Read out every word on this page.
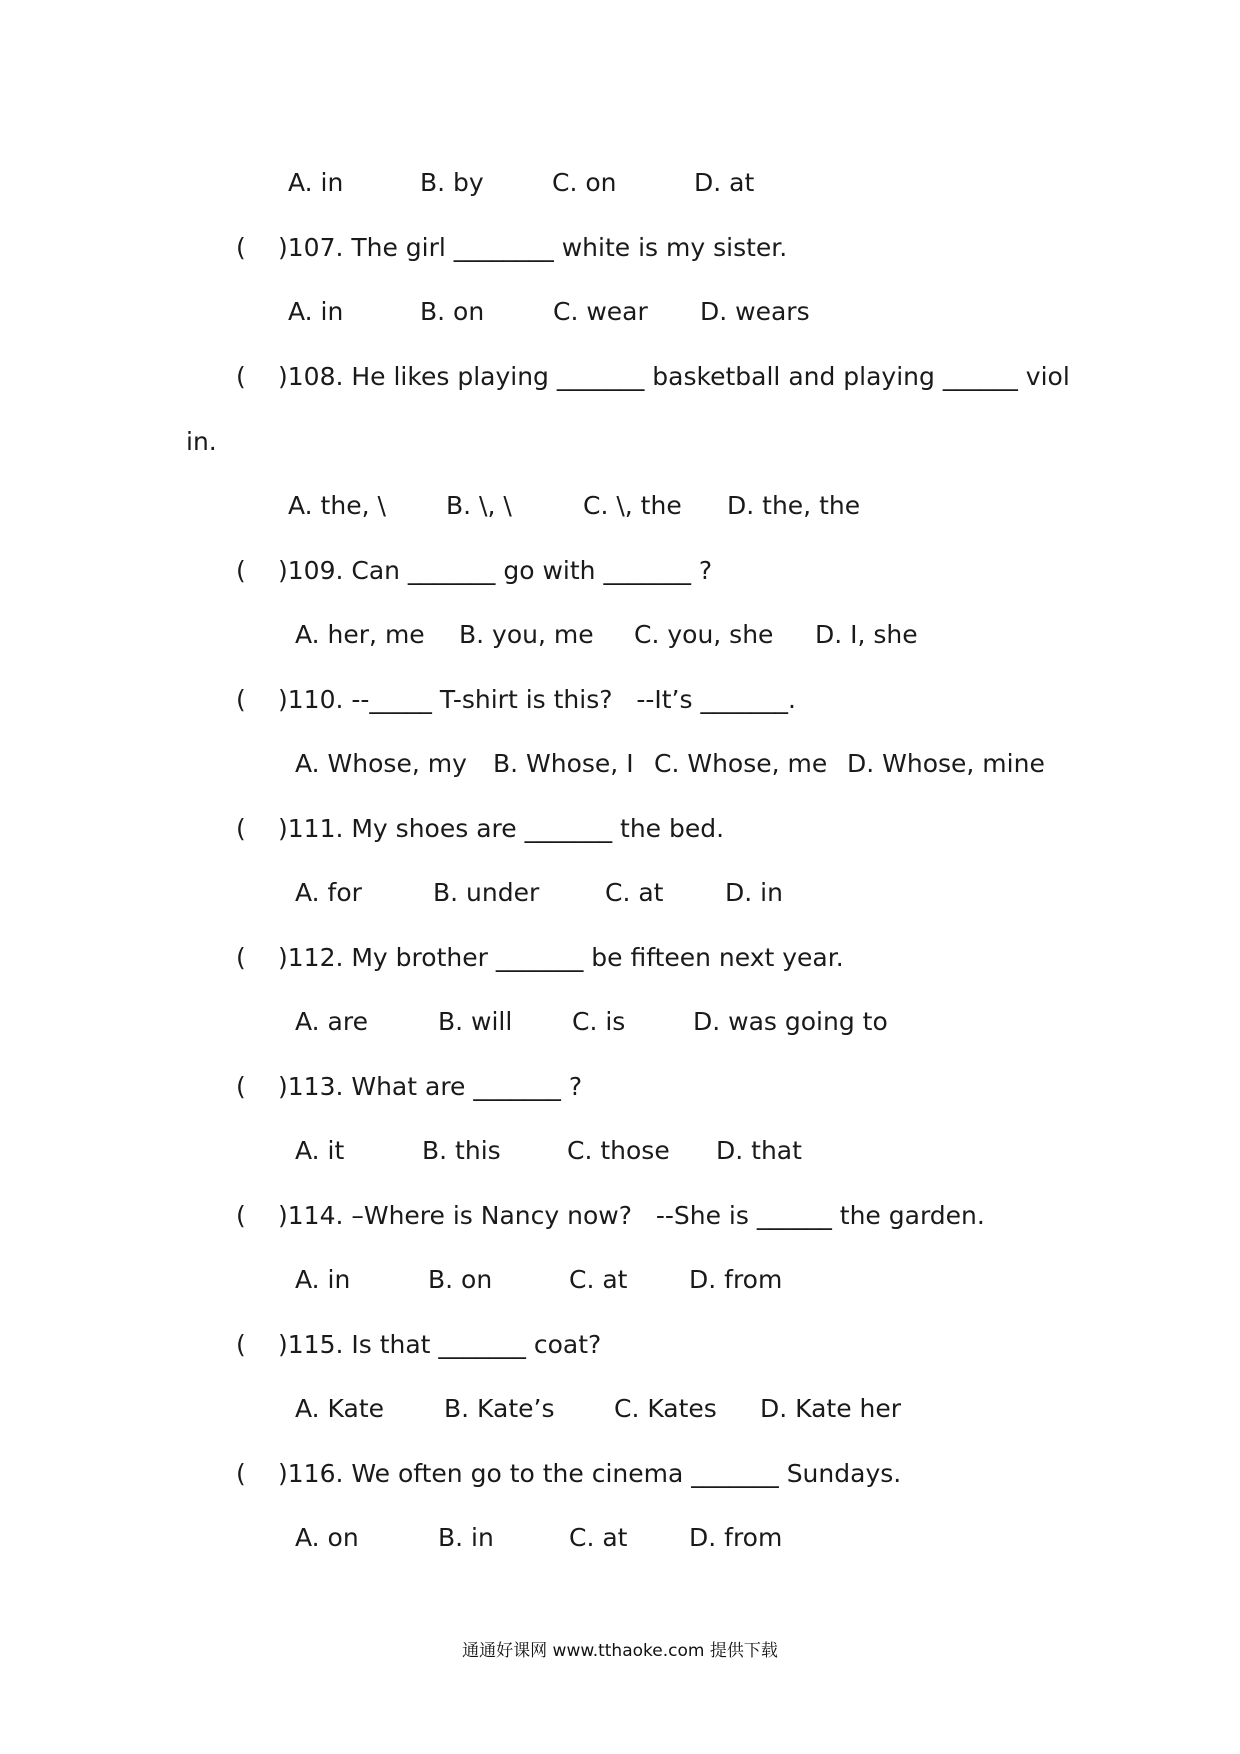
A. in	B. by	C. on	D. at
( )107. The girl ________ white is my sister.
A. in	B. on	C. wear D. wears
( )108. He likes playing _______ basketball and playing ______ viol
in.
A. the, \ B. \, \	C. \, the D. the, the
( )109. Can _______ go with _______ ?
A. her, me B. you, me C. you, she D. I, she
( )110. --_____ T-shirt is this?   --It’s _______.
A. Whose, my B. Whose, I C. Whose, me D. Whose, mine
( )111. My shoes are _______ the bed.
A. for	B. under	C. at D. in
( )112. My brother _______ be fifteen next year.
A. are	B. will C. is	D. was going to
( )113. What are _______ ?
A. it	B. this	C. those D. that
( )114. –Where is Nancy now?   --She is ______ the garden.
A. in	B. on	C. at D. from
( )115. Is that _______ coat?
A. Kate B. Kate’s C. Kates D. Kate her
( )116. We often go to the cinema _______ Sundays.
A. on	B. in	C. at D. from
通通好课网 www.tthaoke.com 提供下载
